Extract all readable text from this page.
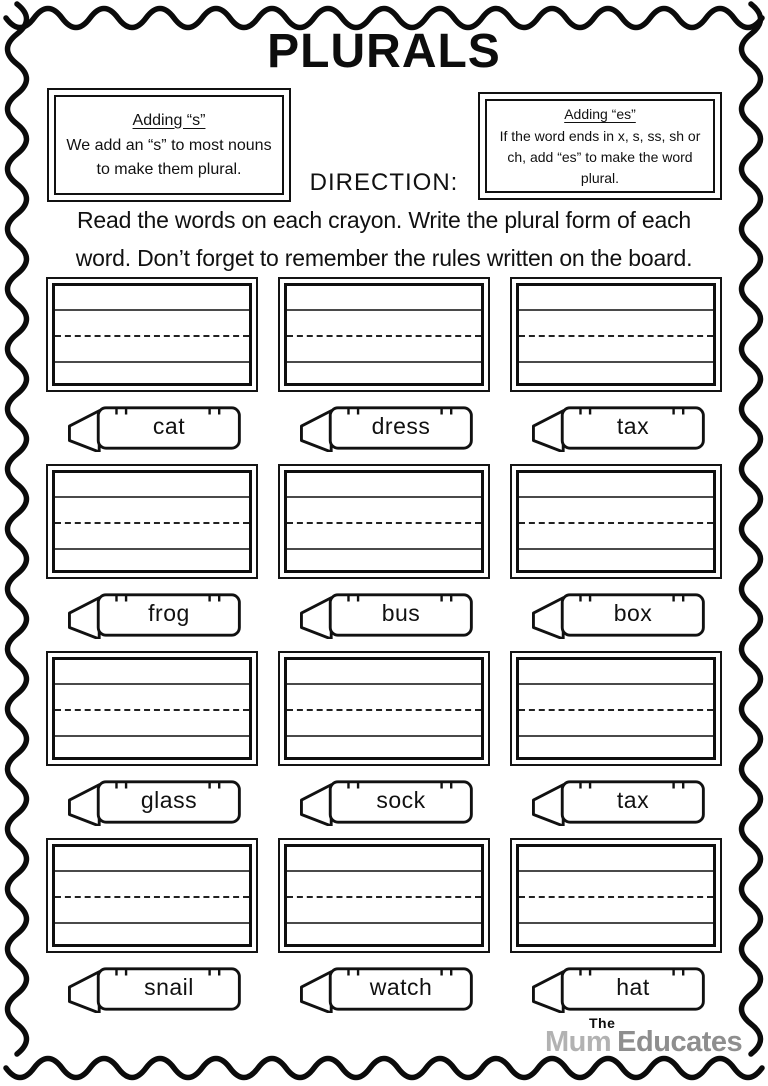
PLURALS
Adding “s”
We add an “s” to most nouns to make them plural.
Adding “es”
If the word ends in x, s, ss, sh or ch, add “es” to make the word plural.
DIRECTION:
Read the words on each crayon. Write the plural form of each
word. Don’t forget to remember the rules written on the board.
cat	dress	tax
frog	bus	box
glass	sock	tax
snail	watch	hat
The
Mum Educates
